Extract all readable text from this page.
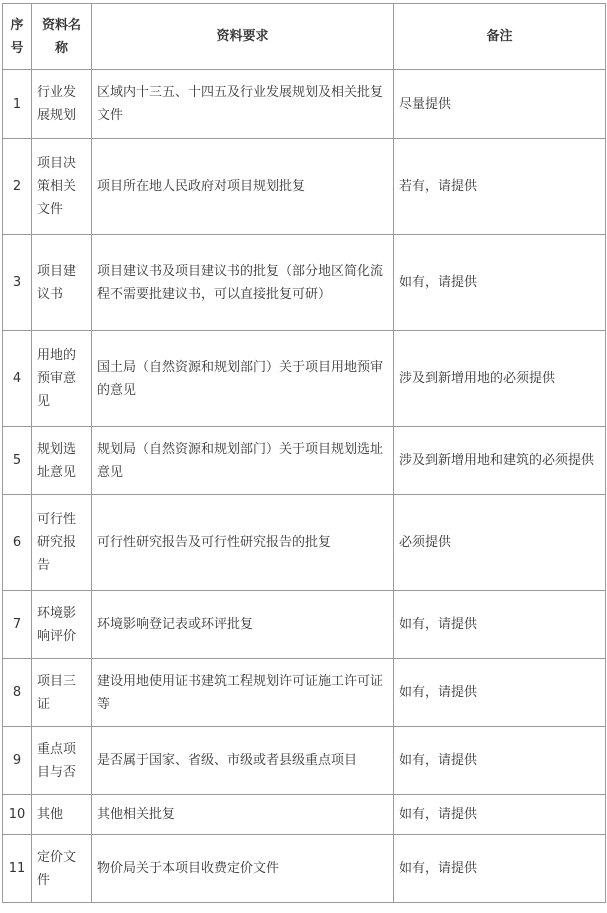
序号	资料名称	资料要求	备注
1	行业发展规划	区域内十三五、十四五及行业发展规划及相关批复文件	尽量提供
2	项目决策相关文件	项目所在地人民政府对项目规划批复	若有，请提供
3	项目建议书	项目建议书及项目建议书的批复（部分地区简化流程不需要批建议书，可以直接批复可研）	如有，请提供
4	用地的预审意见	国土局（自然资源和规划部门）关于项目用地预审的意见	涉及到新增用地的必须提供
5	规划选址意见	规划局（自然资源和规划部门）关于项目规划选址意见	涉及到新增用地和建筑的必须提供
6	可行性研究报告	可行性研究报告及可行性研究报告的批复	必须提供
7	环境影响评价	环境影响登记表或环评批复	如有，请提供
8	项目三证	建设用地使用证书建筑工程规划许可证施工许可证等	如有，请提供
9	重点项目与否	是否属于国家、省级、市级或者县级重点项目	如有，请提供
10	其他	其他相关批复	如有，请提供
11	定价文件	物价局关于本项目收费定价文件	如有，请提供
